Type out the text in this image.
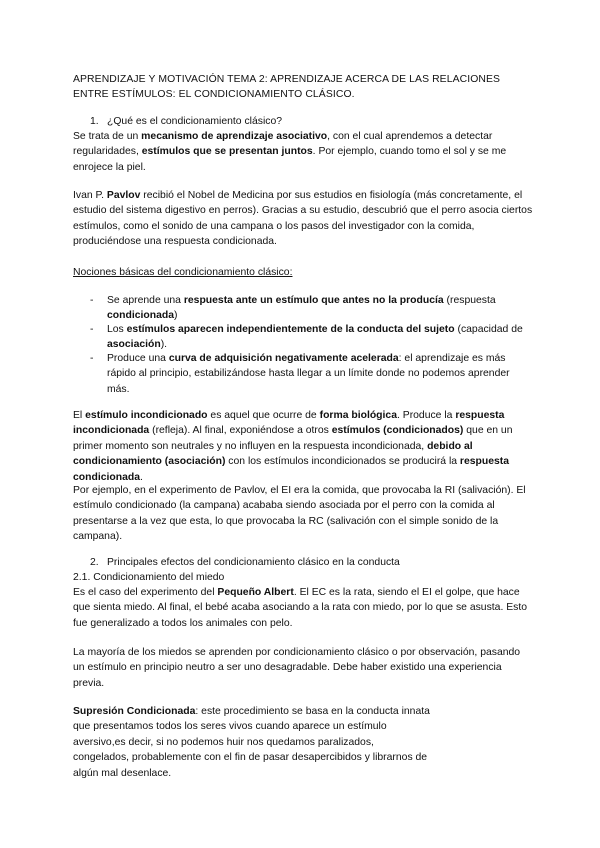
APRENDIZAJE Y MOTIVACIÓN TEMA 2: APRENDIZAJE ACERCA DE LAS RELACIONES ENTRE ESTÍMULOS: EL CONDICIONAMIENTO CLÁSICO.
1. ¿Qué es el condicionamiento clásico?
Se trata de un mecanismo de aprendizaje asociativo, con el cual aprendemos a detectar regularidades, estímulos que se presentan juntos. Por ejemplo, cuando tomo el sol y se me enrojece la piel.
Ivan P. Pavlov recibió el Nobel de Medicina por sus estudios en fisiología (más concretamente, el estudio del sistema digestivo en perros). Gracias a su estudio, descubrió que el perro asocia ciertos estímulos, como el sonido de una campana o los pasos del investigador con la comida, produciéndose una respuesta condicionada.
Nociones básicas del condicionamiento clásico:
- Se aprende una respuesta ante un estímulo que antes no la producía (respuesta condicionada)
- Los estímulos aparecen independientemente de la conducta del sujeto (capacidad de asociación).
- Produce una curva de adquisición negativamente acelerada: el aprendizaje es más rápido al principio, estabilizándose hasta llegar a un límite donde no podemos aprender más.
El estímulo incondicionado es aquel que ocurre de forma biológica. Produce la respuesta incondicionada (refleja). Al final, exponiéndose a otros estímulos (condicionados) que en un primer momento son neutrales y no influyen en la respuesta incondicionada, debido al condicionamiento (asociación) con los estímulos incondicionados se producirá la respuesta condicionada.
Por ejemplo, en el experimento de Pavlov, el EI era la comida, que provocaba la RI (salivación). El estímulo condicionado (la campana) acababa siendo asociada por el perro con la comida al presentarse a la vez que esta, lo que provocaba la RC (salivación con el simple sonido de la campana).
2. Principales efectos del condicionamiento clásico en la conducta
2.1. Condicionamiento del miedo
Es el caso del experimento del Pequeño Albert. El EC es la rata, siendo el EI el golpe, que hace que sienta miedo. Al final, el bebé acaba asociando a la rata con miedo, por lo que se asusta. Esto fue generalizado a todos los animales con pelo.
La mayoría de los miedos se aprenden por condicionamiento clásico o por observación, pasando un estímulo en principio neutro a ser uno desagradable. Debe haber existido una experiencia previa.
Supresión Condicionada: este procedimiento se basa en la conducta innata
que presentamos todos los seres vivos cuando aparece un estímulo
aversivo,es decir, si no podemos huir nos quedamos paralizados,
congelados, probablemente con el fin de pasar desapercibidos y librarnos de
algún mal desenlace.
